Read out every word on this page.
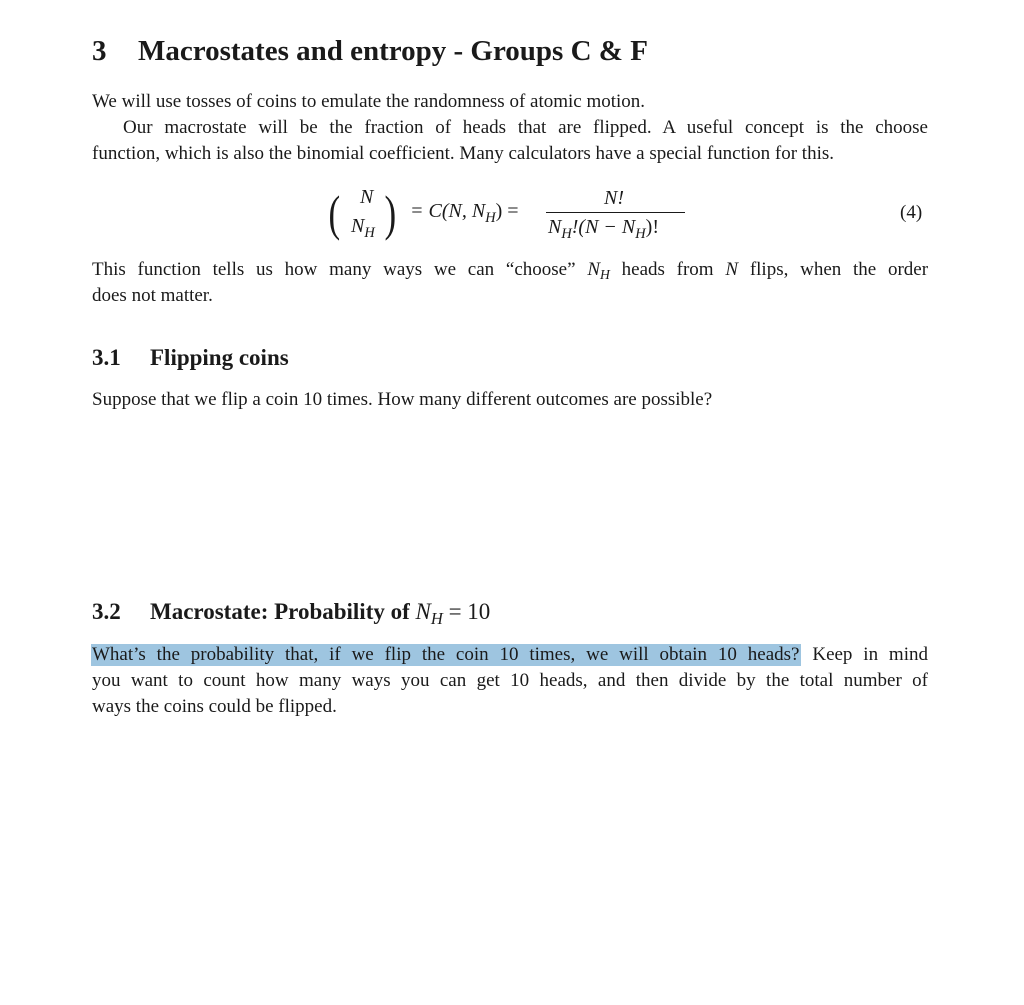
3 Macrostates and entropy - Groups C & F
We will use tosses of coins to emulate the randomness of atomic motion.
Our macrostate will be the fraction of heads that are flipped. A useful concept is the choose
function, which is also the binomial coefficient. Many calculators have a special function for this.
( N
$N_H$ ) = C(N, $N_H$) =
N!
$N_H!(N - N_H)$!
(4)
This function tells us how many ways we can “choose” $N_H$ heads from N flips, when the order
does not matter.
3.1 Flipping coins
Suppose that we flip a coin 10 times. How many different outcomes are possible?
3.2 Macrostate: Probability of $N_H = 10$
What’s the probability that, if we flip the coin 10 times, we will obtain 10 heads? Keep in mind
you want to count how many ways you can get 10 heads, and then divide by the total number of
ways the coins could be flipped.
